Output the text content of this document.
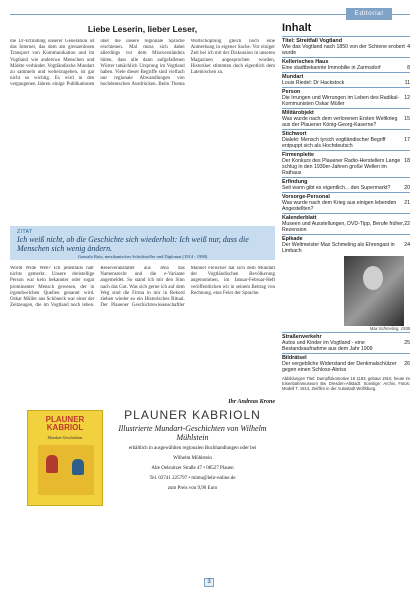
Editorial
Liebe Leserin, lieber Leser,
die Ur-Erfindung unserer Generation ist das Internet, das dem am grenzenlosen Transport von Kommunikation und im Vogtland wie anderswo Menschen und Märkte verbindet. Vogtländische Mundart zu sammeln und weiterzugeben, ist gar nicht so wichtig. Es wird in den vergangenen Jahren einige Publikationen über die unsere regionale Sprache erschienen. Mal muss sich dabei allerdings vor dem Missverständnis hüten, dass alle dann aufgefallenen Wörter tatsächlich Ursprung im Vogtland haben. Viele dieser Begriffe sind vielfach nur regionale Abwandlungen von hochdeutschen Ausdrücken. Beim Thema Wortschöpfung gleich noch eine Anmerkung in eigener Sache. Vor einiger Zeit bei ich mit der Diskussion in unseren Magazinen angesprochen worden, Historiker stimmten doch eigentlich dem Lateinischen zu.
ZITAT
Ich weiß nicht, ob die Geschichte sich wiederholt: Ich weiß nur, dass die Menschen sich wenig ändern.
Gonzalo Ruiz, mexikanischer Schriftsteller und Diplomat (1914 - 1998)
World Wide Web? Ich jedenfalls hab' nichts gemerkt. Unsere dreistellige Person war kein bekannter oder sogar prominenter Mensch gewesen, der in irgendwelchen Quellen genannt wird. Oskar Müller aus Schöneck war einer der Zeitzeugen, die im Vogtland noch leben. Reiseveranstalter aus Jena das Namensrecht und die e-Variante angemeldet. So stand ich mir den Sinn nach das Gut. Was sich gerne ich auf dem Weg sind die Firma in mir in Rekord ziehen wieder so ein Historisches Ritual. Der Plauener Geschichtswissenschaftler Manuel Fleischer hat sich dem Mundart der Vogtländischen Bevölkerung angenommen, im Januar-Februar-Heft veröffentlichen wir in seinem Beitrag von Rechnung, eine Feier der Sprache.
Ihr Andreas Krone
PLAUNER KABRIOL
Mundart-Geschichten
PLAUNER KABRIOLN
Illustrierte Mundart-Geschichten von Wilhelm Mühlstein
erhältlich in ausgewählten regionalen Buchhandlungen oder bei
Wilhelm Mühlstein
Alte Oelsnitzer Straße 47 • 08527 Plauen
Tel. 03741 225797 • mimu@lehr-online.de
zum Preis von 9,90 Euro
Inhalt
Titel: Streitfall Vogtland
Wie das Vogtland nach 1850 von der Schiene erobert wurde
4
Kellerisches Haus
Eine stadtbekannte Immobilie in Zarmsdorf	8
Mundart
Louis Riedel: Dr Hackstock	11
Person
Die Irrungen und Wirrungen im Leben des Radikal-Kommunisten Oskar Müller
12
Militärobjekt
Was wurde nach dem verlorenen Ersten Weltkrieg aus der Plauener König-Georg-Kaserne?
15
Stichwort
Dialekt: Mensch tyrsch vogtländischer Begriff entpuppt sich als Hochdeutsch
17
Firmenpleite
Der Konkurs des Plauener Radio-Herstellers Lange schlug in den 1930er-Jahren große Wellen im Rathaus
18
Erfindung
Seit wann gibt es eigentlich... den Supermarkt?	20
Vorsorge-Personal
Was wurde nach dem Krieg aus einigen lebenden Angestellten?
21
Kalenderblatt
Museen und Ausstellungen, DVD-Tipp, Berufe früher, Rezension
22
Epikade
Der Weltmeister Max Schmeling als Ehrengast in Limbach
24
Max Schmeling, 1938
Straßenverkehr
Autos und Kinder im Vogtland - eine Bestandsaufnahme aus dem Jahr 1909
25
Bildrätsel
Der vergebliche Widerstand der Denkmalschützer gegen einen Schloss-Abriss
26
Abbildungen Titel: Dampflokomotive 18 1183, gebaut 1910, heute im Eisenbahnmuseum Bw Dresden-Altstadt. Sonstige: Archiv, Fotos: Modell T. 1913, Zeitfilm in der Autostadt Wolfsburg.
3
